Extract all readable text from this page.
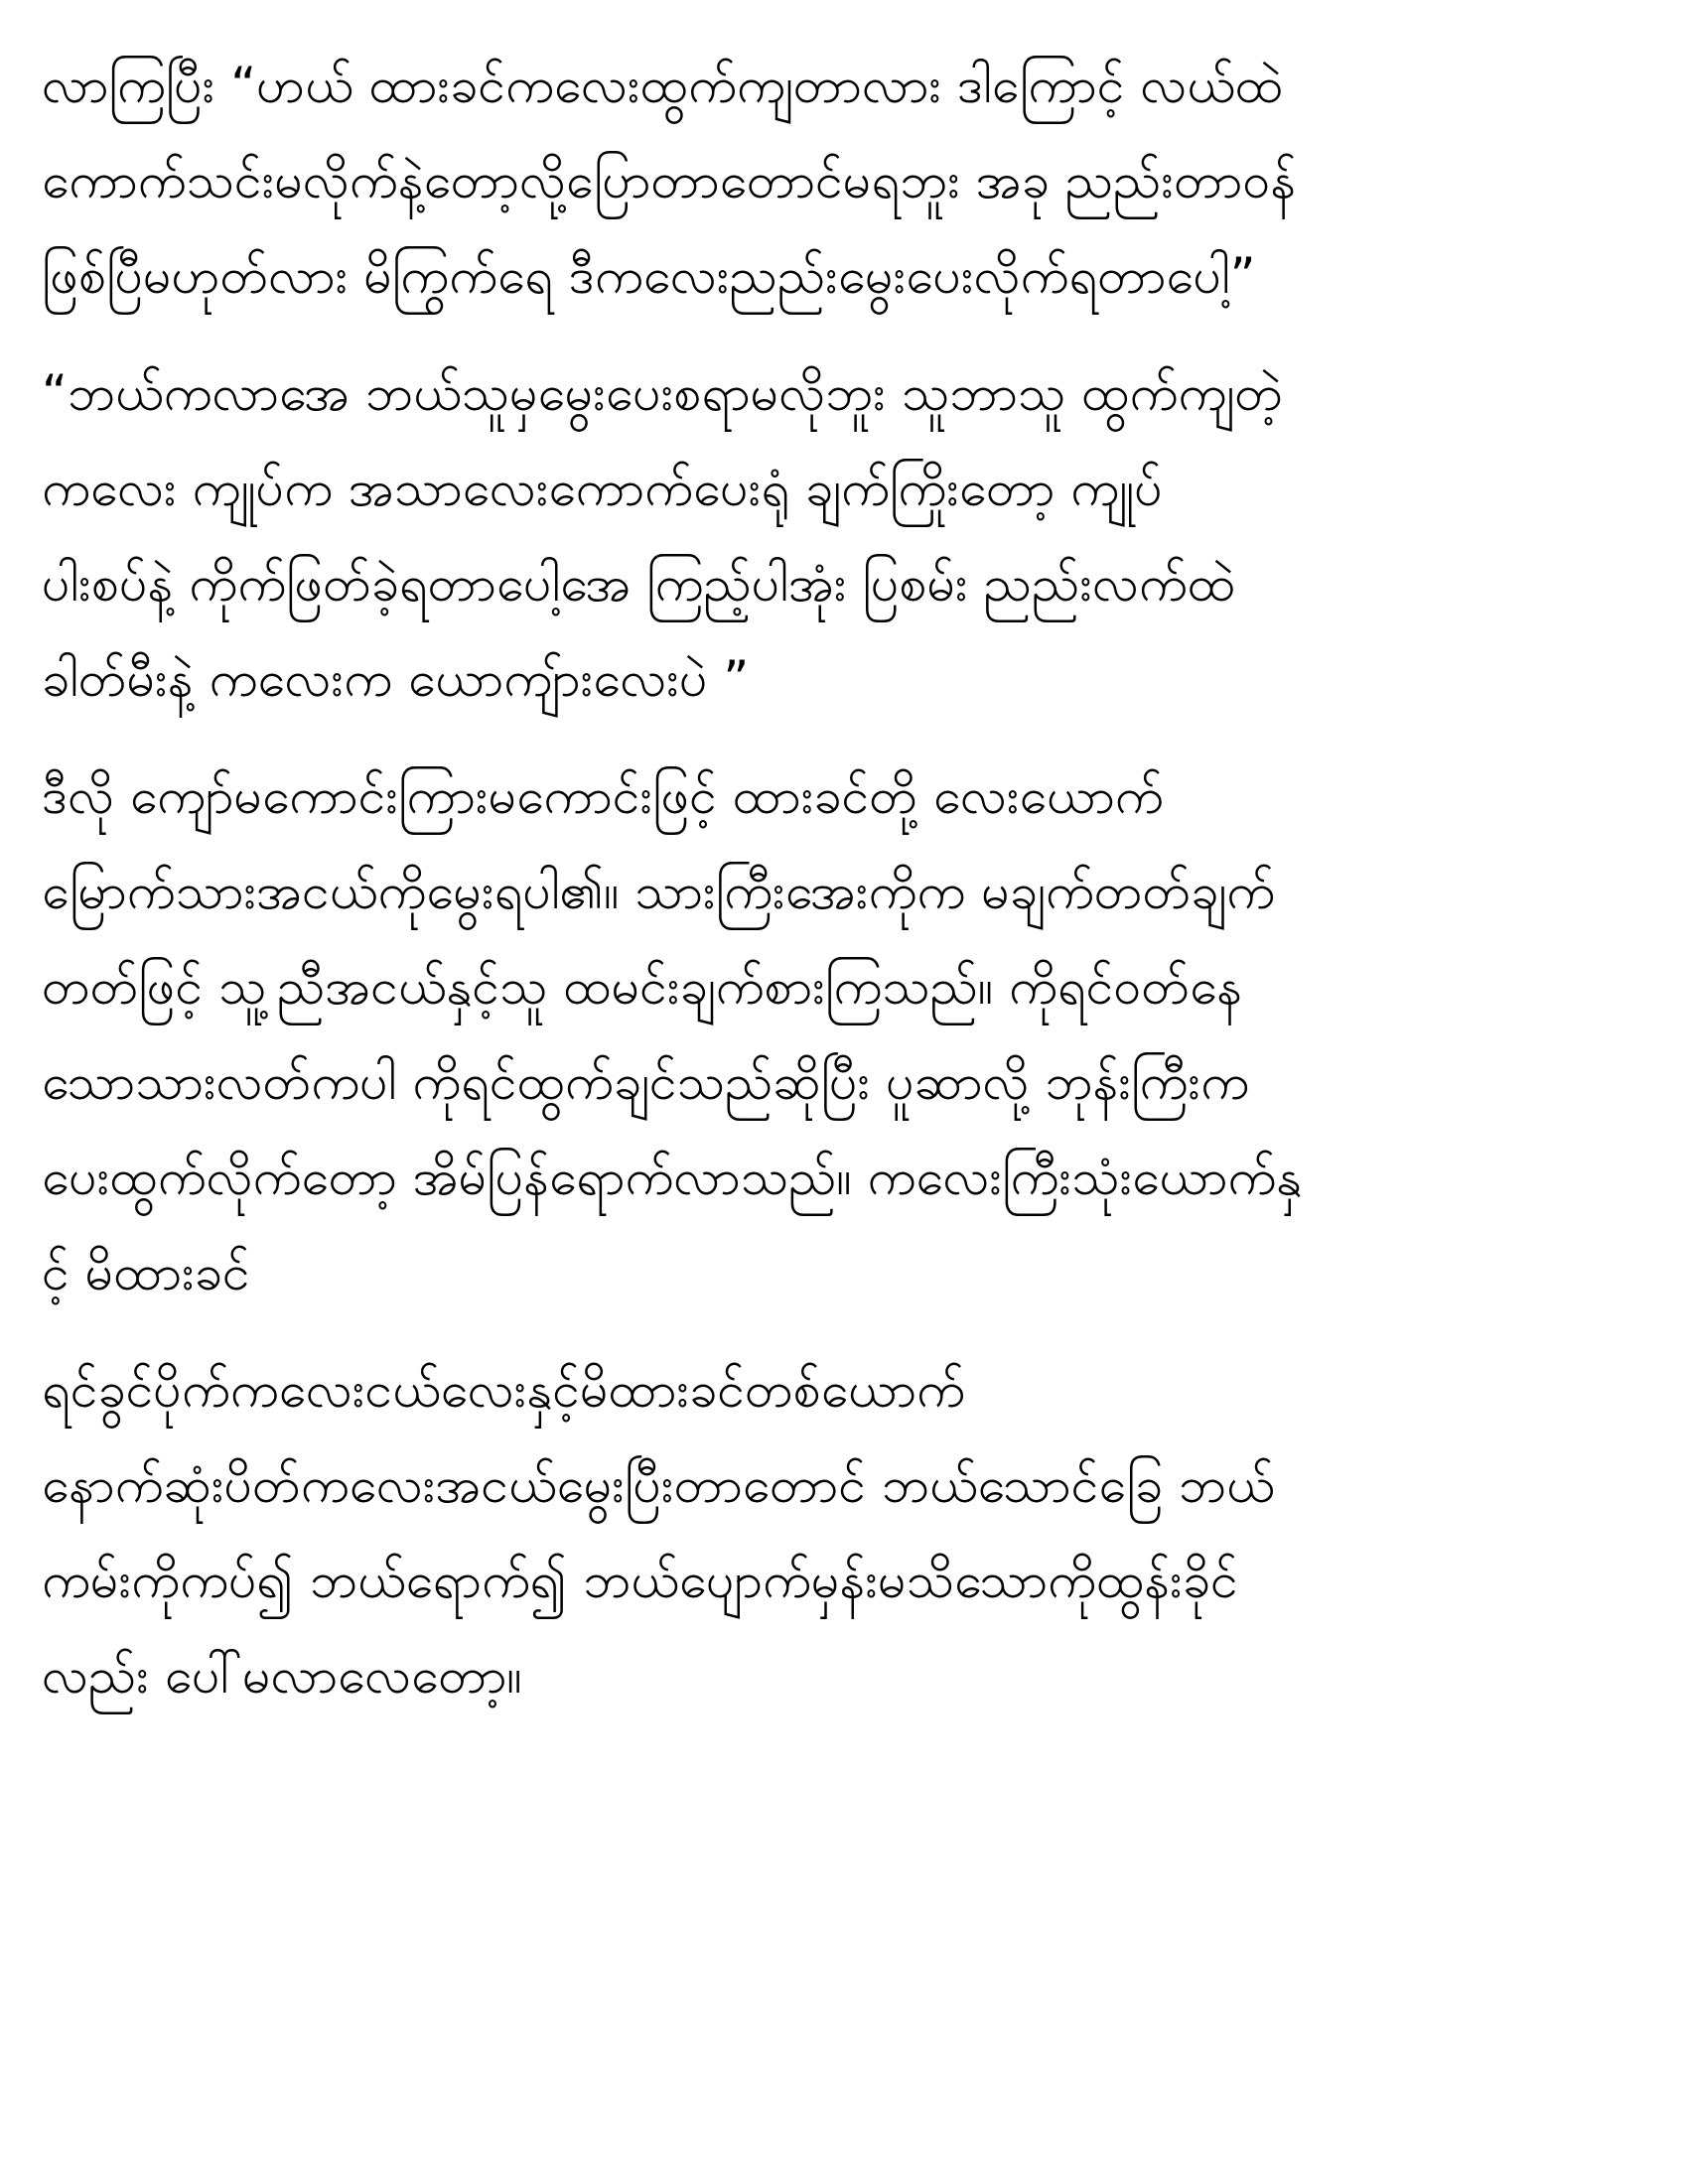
လာကြပြီး “ဟယ် ထားခင်ကလေးထွက်ကျတာလား ဒါကြောင့် လယ်ထဲ
ကောက်သင်းမလိုက်နဲ့တော့လို့ပြောတာတောင်မရဘူး အခု ညည်းတာဝန်
ဖြစ်ပြီမဟုတ်လား မိကြွက်ရေ ဒီကလေးညည်းမွေးပေးလိုက်ရတာပေါ့”
“ဘယ်ကလာအေ ဘယ်သူမှမွေးပေးစရာမလိုဘူး သူဘာသူ ထွက်ကျတဲ့
ကလေး ကျုပ်က အသာလေးကောက်ပေးရုံ ချက်ကြိုးတော့ ကျုပ်
ပါးစပ်နဲ့ ကိုက်ဖြတ်ခဲ့ရတာပေါ့အေ ကြည့်ပါအုံး ပြစမ်း ညည်းလက်ထဲ
ခါတ်မီးနဲ့ ကလေးက ယောကျ်ားလေးပဲ ”
ဒီလို ကျော်မကောင်းကြားမကောင်းဖြင့် ထားခင်တို့ လေးယောက်
မြောက်သားအငယ်ကိုမွေးရပါ၏။ သားကြီးအေးကိုက မချက်တတ်ချက်
တတ်ဖြင့် သူ့ညီအငယ်နှင့်သူ ထမင်းချက်စားကြသည်။ ကိုရင်ဝတ်နေ
သောသားလတ်ကပါ ကိုရင်ထွက်ချင်သည်ဆိုပြီး ပူဆာလို့ ဘုန်းကြီးက
ပေးထွက်လိုက်တော့ အိမ်ပြန်ရောက်လာသည်။ ကလေးကြီးသုံးယောက်နှ
င့် မိထားခင်
ရင်ခွင်ပိုက်ကလေးငယ်လေးနှင့်မိထားခင်တစ်ယောက်
နောက်ဆုံးပိတ်ကလေးအငယ်မွေးပြီးတာတောင် ဘယ်သောင်ခြေ ဘယ်
ကမ်းကိုကပ်၍ ဘယ်ရောက်၍ ဘယ်ပျောက်မှန်းမသိသောကိုထွန်းခိုင်
လည်း ပေါ်မလာလေတော့။
